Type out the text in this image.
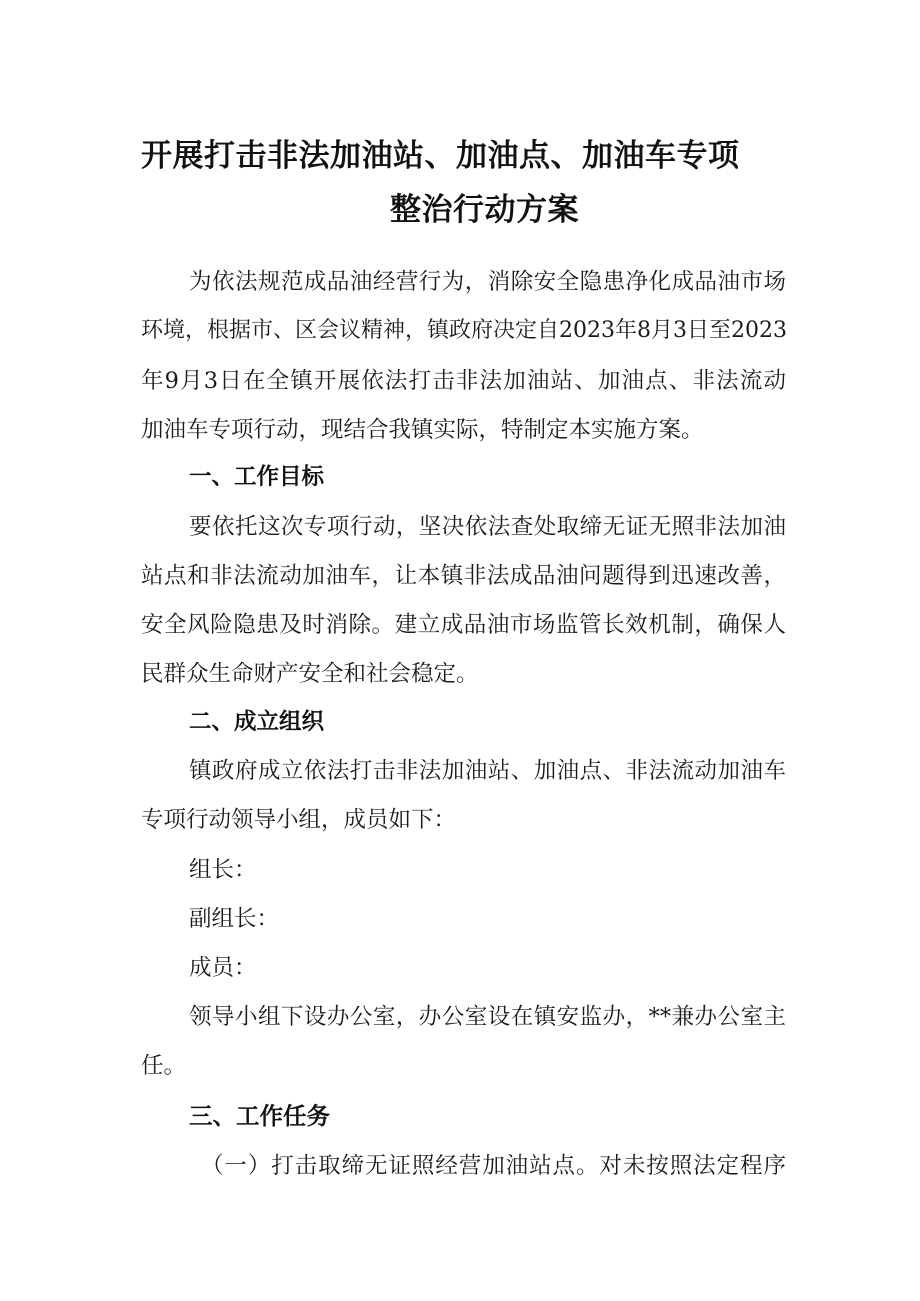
开展打击非法加油站、加油点、加油车专项
整治行动方案
为依法规范成品油经营行为，消除安全隐患净化成品油市场
环境，根据市、区会议精神，镇政府决定自2023年8月3日至2023
年9月3日在全镇开展依法打击非法加油站、加油点、非法流动
加油车专项行动，现结合我镇实际，特制定本实施方案。
一、工作目标
要依托这次专项行动，坚决依法查处取缔无证无照非法加油
站点和非法流动加油车，让本镇非法成品油问题得到迅速改善，
安全风险隐患及时消除。建立成品油市场监管长效机制，确保人
民群众生命财产安全和社会稳定。
二、成立组织
镇政府成立依法打击非法加油站、加油点、非法流动加油车
专项行动领导小组，成员如下：
组长：
副组长：
成员：
领导小组下设办公室，办公室设在镇安监办，**兼办公室主
任。
三、工作任务
（一）打击取缔无证照经营加油站点。对未按照法定程序
